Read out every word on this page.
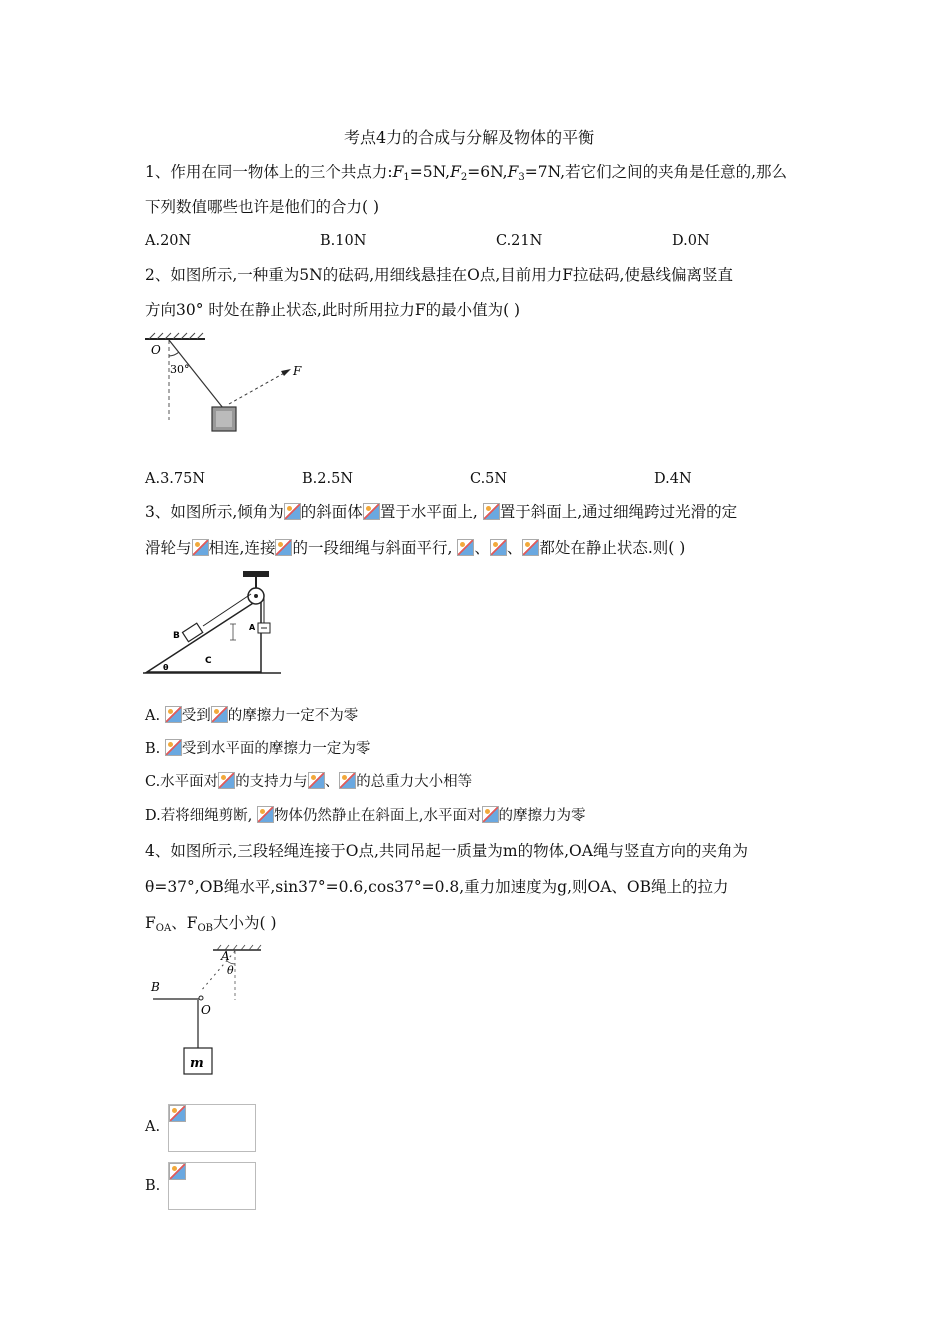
考点4力的合成与分解及物体的平衡
1、作用在同一物体上的三个共点力$:F_1=5N,F_2=6N,F_3=7N$,若它们之间的夹角是任意的,那么
下列数值哪些也许是他们的合力( )
A.20N	B.10N	C.21N	D.0N
2、如图所示,一种重为5N的砝码,用细线悬挂在O点,目前用力F拉砝码,使悬线偏离竖直
方向30° 时处在静止状态,此时所用拉力F的最小值为( )
O
30°	F
A.3.75N	B.2.5N	C.5N	D.4N
3、如图所示,倾角为 的斜面体 置于水平面上, 置于斜面上,通过细绳跨过光滑的定
滑轮与 相连,连接 的一段细绳与斜面平行, 、 、 都处在静止状态.则( )
B
A
C
θ
A. 受到 的摩擦力一定不为零
B. 受到水平面的摩擦力一定为零
C.水平面对 的支持力与 、 的总重力大小相等
D.若将细绳剪断, 物体仍然静止在斜面上,水平面对 的摩擦力为零
4、如图所示,三段轻绳连接于O点,共同吊起一质量为m的物体,OA绳与竖直方向的夹角为
θ=37°,OB绳水平,sin37°=0.6,cos37°=0.8,重力加速度为g,则OA、OB绳上的拉力
$F_{OA}$、$F_{OB}$大小为( )
A
θ
B
O
m
A.
B.
